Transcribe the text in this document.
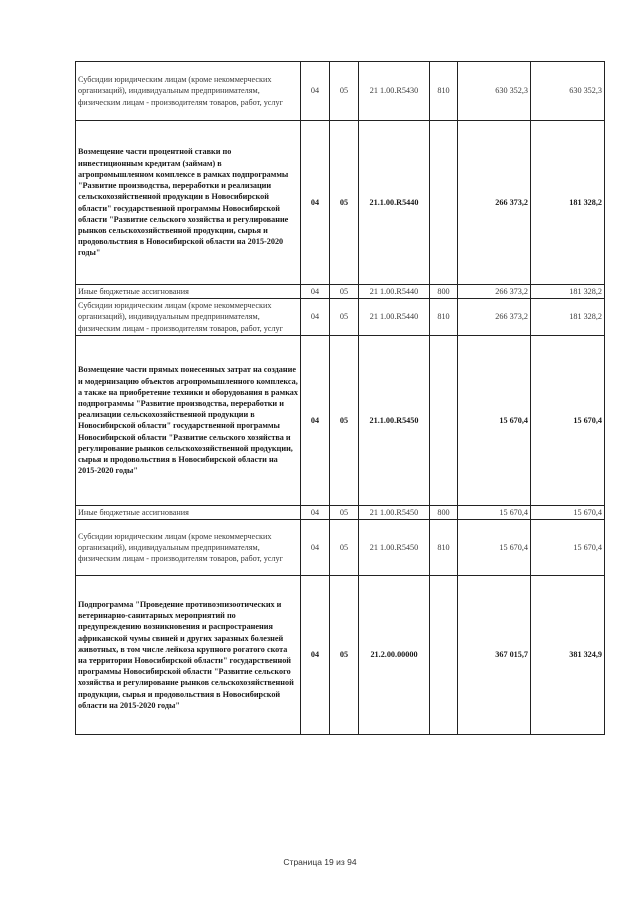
Субсидии юридическим лицам (кроме некоммерческих организаций), индивидуальным предпринимателям, физическим лицам - производителям товаров, работ, услуг	04	05	21 1.00.R5430	810	630 352,3	630 352,3
Возмещение части процентной ставки по инвестиционным кредитам (займам) в агропромышленном комплексе в рамках подпрограммы "Развитие производства, переработки и реализации сельскохозяйственной продукции в Новосибирской области" государственной программы Новосибирской области "Развитие сельского хозяйства и регулирование рынков сельскохозяйственной продукции, сырья и продовольствия в Новосибирской области на 2015-2020 годы"	04	05	21.1.00.R5440		266 373,2	181 328,2
Иные бюджетные ассигнования	04	05	21 1.00.R5440	800	266 373,2	181 328,2
Субсидии юридическим лицам (кроме некоммерческих организаций), индивидуальным предпринимателям, физическим лицам - производителям товаров, работ, услуг	04	05	21 1.00.R5440	810	266 373,2	181 328,2
Возмещение части прямых понесенных затрат на создание и модернизацию объектов агропромышленного комплекса, а также на приобретение техники и оборудования в рамках подпрограммы "Развитие производства, переработки и реализации сельскохозяйственной продукции в Новосибирской области" государственной программы Новосибирской области "Развитие сельского хозяйства и регулирование рынков сельскохозяйственной продукции, сырья и продовольствия в Новосибирской области на 2015-2020 годы"	04	05	21.1.00.R5450		15 670,4	15 670,4
Иные бюджетные ассигнования	04	05	21 1.00.R5450	800	15 670,4	15 670,4
Субсидии юридическим лицам (кроме некоммерческих организаций), индивидуальным предпринимателям, физическим лицам - производителям товаров, работ, услуг	04	05	21 1.00.R5450	810	15 670,4	15 670,4
Подпрограмма "Проведение противоэпизоотических и ветеринарно-санитарных мероприятий по предупреждению возникновения и распространения африканской чумы свиней и других заразных болезней животных, в том числе лейкоза крупного рогатого скота на территории Новосибирской области" государственной программы Новосибирской области "Развитие сельского хозяйства и регулирование рынков сельскохозяйственной продукции, сырья и продовольствия в Новосибирской области на 2015-2020 годы"	04	05	21.2.00.00000		367 015,7	381 324,9
Страница 19 из 94
